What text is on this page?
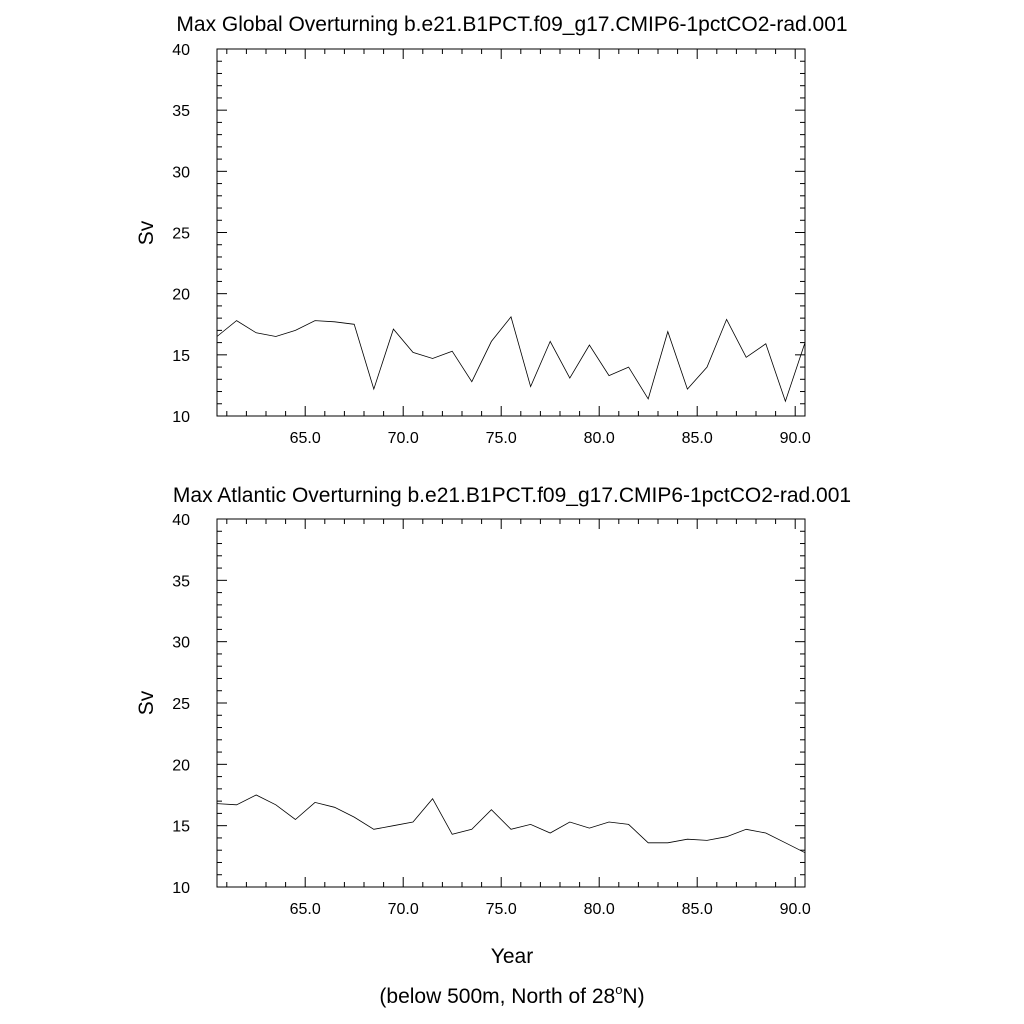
Max Global Overturning b.e21.B1PCT.f09_g17.CMIP6-1pctCO2-rad.001
Sv
65.0	70.0	75.0	80.0	85.0	90.0
10
15
20
25
30
35
40
Max Atlantic Overturning b.e21.B1PCT.f09_g17.CMIP6-1pctCO2-rad.001
Sv
65.0	70.0	75.0	80.0	85.0	90.0
10
15
20
25
30
35
40
Year
(below 500m, North of 28$^o$N)
